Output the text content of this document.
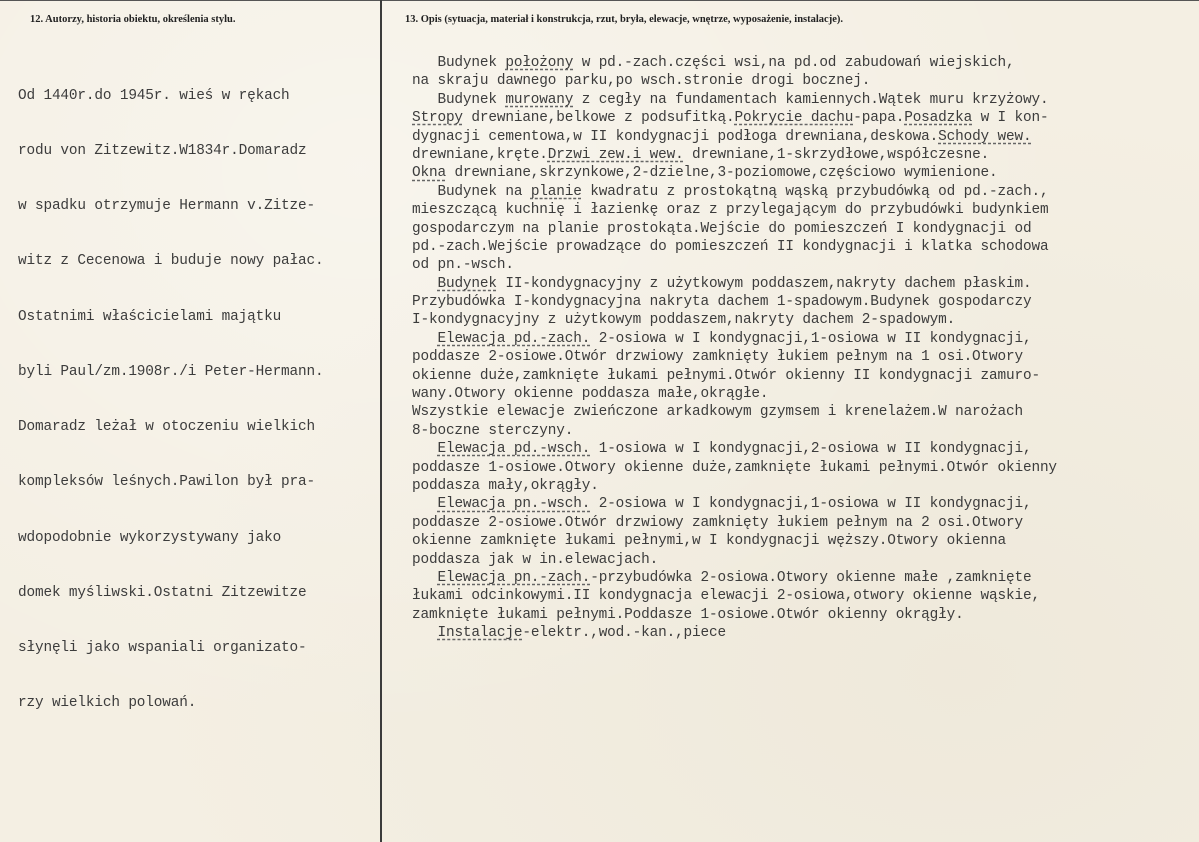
12. Autorzy, historia obiektu, określenia stylu.	13. Opis (sytuacja, materiał i konstrukcja, rzut, bryła, elewacje, wnętrze, wyposażenie, instalacje).

Od 1440r.do 1945r. wieś w rękach

rodu von Zitzewitz.W1834r.Domaradz

w spadku otrzymuje Hermann v.Zitze-

witz z Cecenowa i buduje nowy pałac.

Ostatnimi właścicielami majątku

byli Paul/zm.1908r./i Peter-Hermann.

Domaradz leżał w otoczeniu wielkich

kompleksów leśnych.Pawilon był pra-

wdopodobnie wykorzystywany jako

domek myśliwski.Ostatni Zitzewitze

słynęli jako wspaniali organizato-

rzy wielkich polowań.

Budynek położony w pd.-zach.części wsi,na pd.od zabudowań wiejskich,
na skraju dawnego parku,po wsch.stronie drogi bocznej.
Budynek murowany z cegły na fundamentach kamiennych.Wątek muru krzyżowy.
Stropy drewniane,belkowe z podsufitką.Pokrycie dachu-papa.Posadzka w I kon-
dygnacji cementowa,w II kondygnacji podłoga drewniana,deskowa.Schody wew.
drewniane,kręte.Drzwi zew.i wew. drewniane,1-skrzydłowe,współczesne.
Okna drewniane,skrzynkowe,2-dzielne,3-poziomowe,częściowo wymienione.
Budynek na planie kwadratu z prostokątną wąską przybudówką od pd.-zach.,
mieszczącą kuchnię i łazienkę oraz z przylegającym do przybudówki budynkiem
gospodarczym na planie prostokąta.Wejście do pomieszczeń I kondygnacji od
pd.-zach.Wejście prowadzące do pomieszczeń II kondygnacji i klatka schodowa
od pn.-wsch.
Budynek II-kondygnacyjny z użytkowym poddaszem,nakryty dachem płaskim.
Przybudówka I-kondygnacyjna nakryta dachem 1-spadowym.Budynek gospodarczy
I-kondygnacyjny z użytkowym poddaszem,nakryty dachem 2-spadowym.
Elewacja pd.-zach. 2-osiowa w I kondygnacji,1-osiowa w II kondygnacji,
poddasze 2-osiowe.Otwór drzwiowy zamknięty łukiem pełnym na 1 osi.Otwory
okienne duże,zamknięte łukami pełnymi.Otwór okienny II kondygnacji zamuro-
wany.Otwory okienne poddasza małe,okrągłe.
Wszystkie elewacje zwieńczone arkadkowym gzymsem i krenelażem.W narożach
8-boczne sterczyny.
Elewacja pd.-wsch. 1-osiowa w I kondygnacji,2-osiowa w II kondygnacji,
poddasze 1-osiowe.Otwory okienne duże,zamknięte łukami pełnymi.Otwór okienny
poddasza mały,okrągły.
Elewacja pn.-wsch. 2-osiowa w I kondygnacji,1-osiowa w II kondygnacji,
poddasze 2-osiowe.Otwór drzwiowy zamknięty łukiem pełnym na 2 osi.Otwory
okienne zamknięte łukami pełnymi,w I kondygnacji węższy.Otwory okienna
poddasza jak w in.elewacjach.
Elewacja pn.-zach.-przybudówka 2-osiowa.Otwory okienne małe ,zamknięte
łukami odcinkowymi.II kondygnacja elewacji 2-osiowa,otwory okienne wąskie,
zamknięte łukami pełnymi.Poddasze 1-osiowe.Otwór okienny okrągły.
Instalacje-elektr.,wod.-kan.,piece
